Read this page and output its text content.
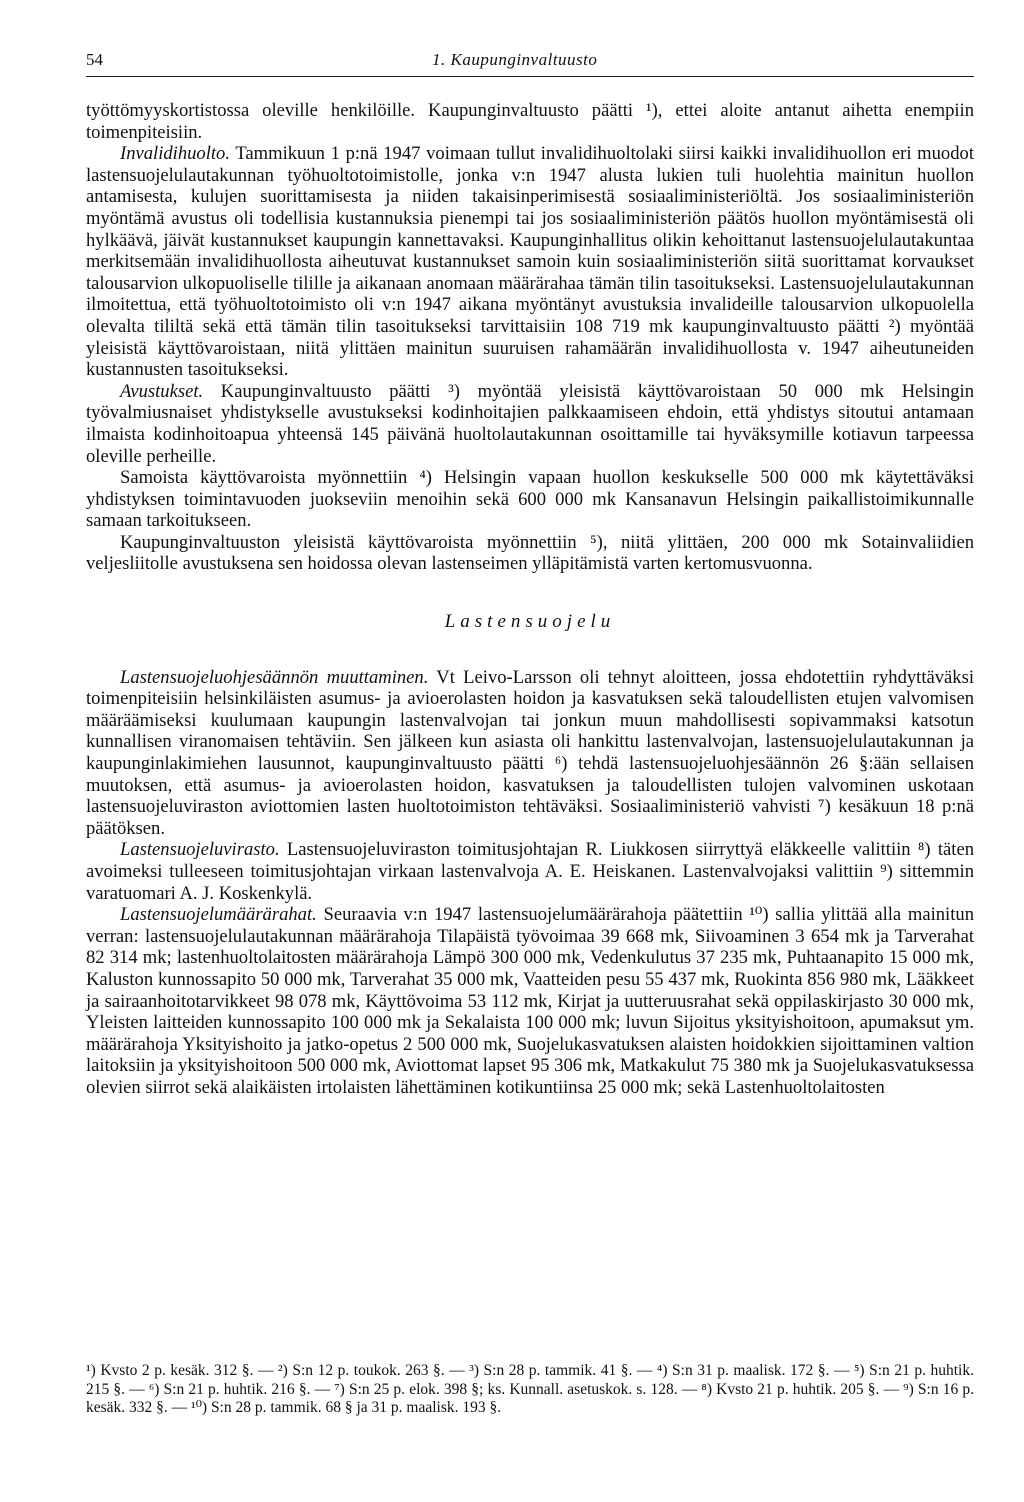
54	1. Kaupunginvaltuusto

työttömyyskortistossa oleville henkilöille. Kaupunginvaltuusto päätti ¹), ettei aloite antanut aihetta enempiin toimenpiteisiin.

Invalidihuolto. Tammikuun 1 p:nä 1947 voimaan tullut invalidihuoltolaki siirsi kaikki invalidihuollon eri muodot lastensuojelulautakunnan työhuoltotoimistolle, jonka v:n 1947 alusta lukien tuli huolehtia mainitun huollon antamisesta, kulujen suorittamisesta ja niiden takaisinperimisestä sosiaaliministeriöltä. Jos sosiaaliministeriön myöntämä avustus oli todellisia kustannuksia pienempi tai jos sosiaaliministeriön päätös huollon myöntämisestä oli hylkäävä, jäivät kustannukset kaupungin kannettavaksi. Kaupunginhallitus olikin kehoittanut lastensuojelulautakuntaa merkitsemään invalidihuollosta aiheutuvat kustannukset samoin kuin sosiaaliministeriön siitä suorittamat korvaukset talousarvion ulkopuoliselle tilille ja aikanaan anomaan määrärahaa tämän tilin tasoitukseksi. Lastensuojelulautakunnan ilmoitettua, että työhuoltotoimisto oli v:n 1947 aikana myöntänyt avustuksia invalideille talousarvion ulkopuolella olevalta tililtä sekä että tämän tilin tasoitukseksi tarvittaisiin 108 719 mk kaupunginvaltuusto päätti ²) myöntää yleisistä käyttövaroistaan, niitä ylittäen mainitun suuruisen rahamäärän invalidihuollosta v. 1947 aiheutuneiden kustannusten tasoitukseksi.

Avustukset. Kaupunginvaltuusto päätti ³) myöntää yleisistä käyttövaroistaan 50 000 mk Helsingin työvalmiusnaiset yhdistykselle avustukseksi kodinhoitajien palkkaamiseen ehdoin, että yhdistys sitoutui antamaan ilmaista kodinhoitoapua yhteensä 145 päivänä huoltolautakunnan osoittamille tai hyväksymille kotiavun tarpeessa oleville perheille.

Samoista käyttövaroista myönnettiin ⁴) Helsingin vapaan huollon keskukselle 500 000 mk käytettäväksi yhdistyksen toimintavuoden juokseviin menoihin sekä 600 000 mk Kansanavun Helsingin paikallistoimikunnalle samaan tarkoitukseen.

Kaupunginvaltuuston yleisistä käyttövaroista myönnettiin ⁵), niitä ylittäen, 200 000 mk Sotainvaliidien veljesliitolle avustuksena sen hoidossa olevan lastenseimen ylläpitämistä varten kertomusvuonna.

Lastensuojelu

Lastensuojeluohjesäännön muuttaminen. Vt Leivo-Larsson oli tehnyt aloitteen, jossa ehdotettiin ryhdyttäväksi toimenpiteisiin helsinkiläisten asumus- ja avioerolasten hoidon ja kasvatuksen sekä taloudellisten etujen valvomisen määräämiseksi kuulumaan kaupungin lastenvalvojan tai jonkun muun mahdollisesti sopivammaksi katsotun kunnallisen viranomaisen tehtäviin. Sen jälkeen kun asiasta oli hankittu lastenvalvojan, lastensuojelulautakunnan ja kaupunginlakimiehen lausunnot, kaupunginvaltuusto päätti ⁶) tehdä lastensuojeluohjesäännön 26 §:ään sellaisen muutoksen, että asumus- ja avioerolasten hoidon, kasvatuksen ja taloudellisten tulojen valvominen uskotaan lastensuojeluviraston aviottomien lasten huoltotoimiston tehtäväksi. Sosiaaliministeriö vahvisti ⁷) kesäkuun 18 p:nä päätöksen.

Lastensuojeluvirasto. Lastensuojeluviraston toimitusjohtajan R. Liukkosen siirryttyä eläkkeelle valittiin ⁸) täten avoimeksi tulleeseen toimitusjohtajan virkaan lastenvalvoja A. E. Heiskanen. Lastenvalvojaksi valittiin ⁹) sittemmin varatuomari A. J. Koskenkylä.

Lastensuojelumäärärahat. Seuraavia v:n 1947 lastensuojelumäärärahoja päätettiin ¹⁰) sallia ylittää alla mainitun verran: lastensuojelulautakunnan määrärahoja Tilapäistä työvoimaa 39 668 mk, Siivoaminen 3 654 mk ja Tarverahat 82 314 mk; lastenhuoltolaitosten määrärahoja Lämpö 300 000 mk, Vedenkulutus 37 235 mk, Puhtaanapito 15 000 mk, Kaluston kunnossapito 50 000 mk, Tarverahat 35 000 mk, Vaatteiden pesu 55 437 mk, Ruokinta 856 980 mk, Lääkkeet ja sairaanhoitotarvikkeet 98 078 mk, Käyttövoima 53 112 mk, Kirjat ja uutteruusrahat sekä oppilaskirjasto 30 000 mk, Yleisten laitteiden kunnossapito 100 000 mk ja Sekalaista 100 000 mk; luvun Sijoitus yksityishoitoon, apumaksut ym. määrärahoja Yksityishoito ja jatko-opetus 2 500 000 mk, Suojelukasvatuksen alaisten hoidokkien sijoittaminen valtion laitoksiin ja yksityishoitoon 500 000 mk, Aviottomat lapset 95 306 mk, Matkakulut 75 380 mk ja Suojelukasvatuksessa olevien siirrot sekä alaikäisten irtolaisten lähettäminen kotikuntiinsa 25 000 mk; sekä Lastenhuoltolaitosten

¹) Kvsto 2 p. kesäk. 312 §. — ²) S:n 12 p. toukok. 263 §. — ³) S:n 28 p. tammik. 41 §. — ⁴) S:n 31 p. maalisk. 172 §. — ⁵) S:n 21 p. huhtik. 215 §. — ⁶) S:n 21 p. huhtik. 216 §. — ⁷) S:n 25 p. elok. 398 §; ks. Kunnall. asetuskok. s. 128. — ⁸) Kvsto 21 p. huhtik. 205 §. — ⁹) S:n 16 p. kesäk. 332 §. — ¹⁰) S:n 28 p. tammik. 68 § ja 31 p. maalisk. 193 §.
